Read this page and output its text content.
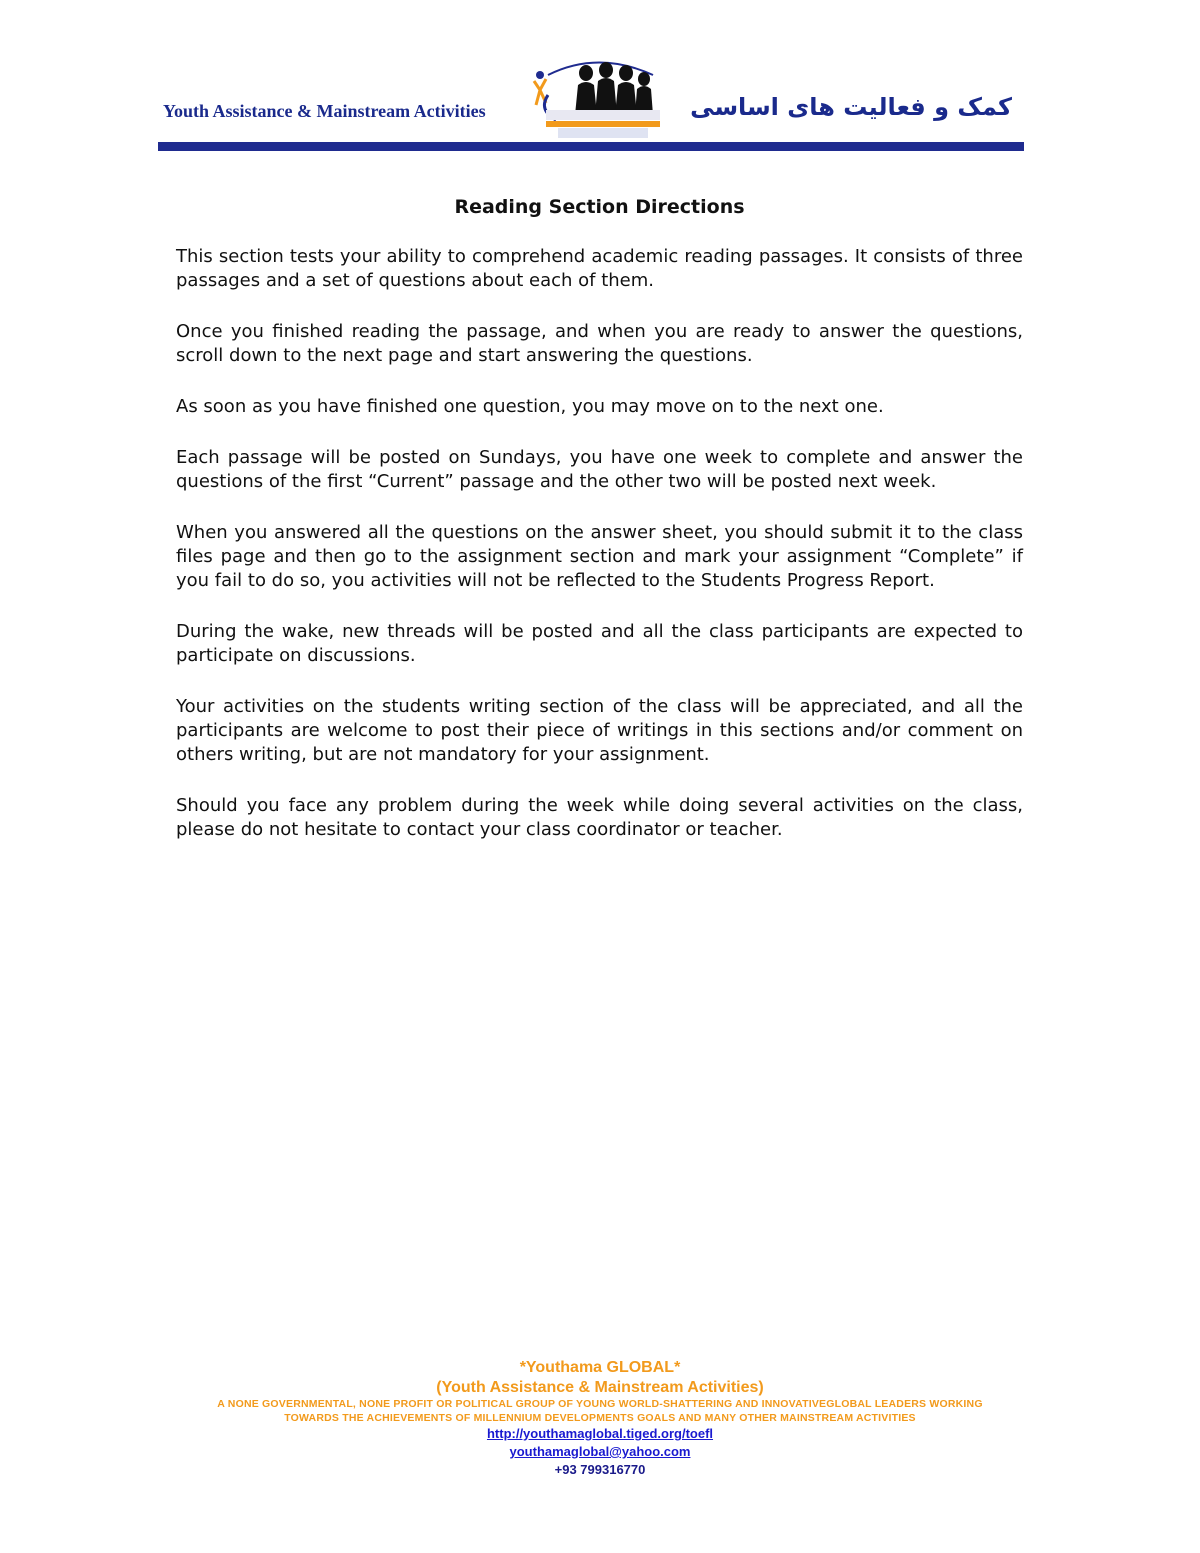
Youth Assistance & Mainstream Activities	کمک و فعالیت های اساسی
Reading Section Directions

This section tests your ability to comprehend academic reading passages. It consists of three passages and a set of questions about each of them.

Once you finished reading the passage, and when you are ready to answer the questions, scroll down to the next page and start answering the questions.

As soon as you have finished one question, you may move on to the next one.

Each passage will be posted on Sundays, you have one week to complete and answer the questions of the first “Current” passage and the other two will be posted next week.

When you answered all the questions on the answer sheet, you should submit it to the class files page and then go to the assignment section and mark your assignment “Complete” if you fail to do so, you activities will not be reflected to the Students Progress Report.

During the wake, new threads will be posted and all the class participants are expected to participate on discussions.

Your activities on the students writing section of the class will be appreciated, and all the participants are welcome to post their piece of writings in this sections and/or comment on others writing, but are not mandatory for your assignment.

Should you face any problem during the week while doing several activities on the class, please do not hesitate to contact your class coordinator or teacher.

*Youthama GLOBAL*
(Youth Assistance & Mainstream Activities)
A NONE GOVERNMENTAL, NONE PROFIT OR POLITICAL GROUP OF YOUNG WORLD-SHATTERING AND INNOVATIVEGLOBAL LEADERS WORKING
TOWARDS THE ACHIEVEMENTS OF MILLENNIUM DEVELOPMENTS GOALS AND MANY OTHER MAINSTREAM ACTIVITIES
http://youthamaglobal.tiged.org/toefl
youthamaglobal@yahoo.com
+93 799316770
